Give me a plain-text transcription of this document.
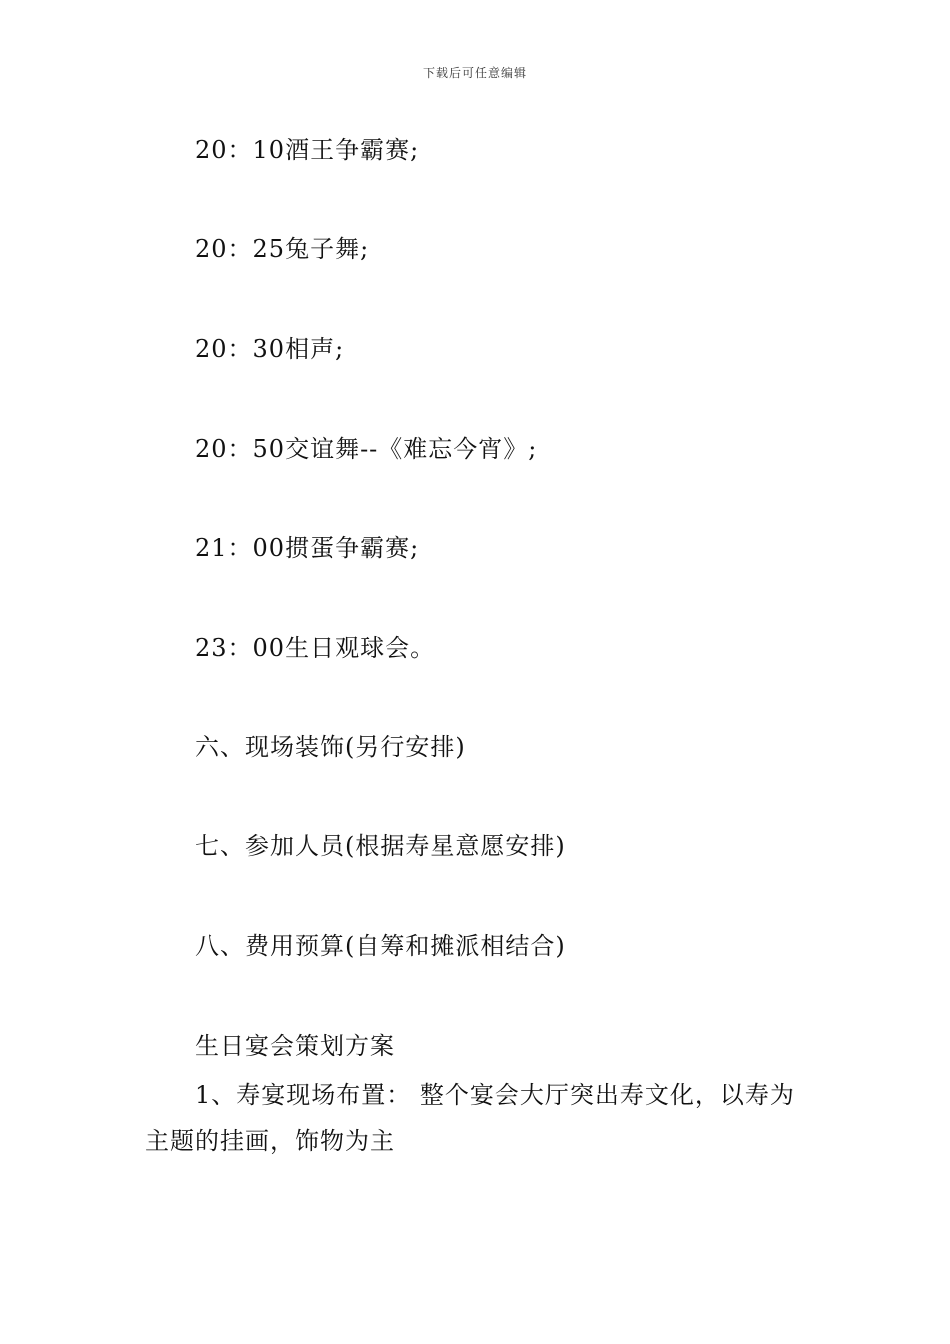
下载后可任意编辑
20：10酒王争霸赛;
20：25兔子舞;
20：30相声;
20：50交谊舞--《难忘今宵》;
21：00掼蛋争霸赛;
23：00生日观球会。
六、现场装饰(另行安排)
七、参加人员(根据寿星意愿安排)
八、费用预算(自筹和摊派相结合)
生日宴会策划方案
1、寿宴现场布置： 整个宴会大厅突出寿文化，以寿为主题的挂画，饰物为主
